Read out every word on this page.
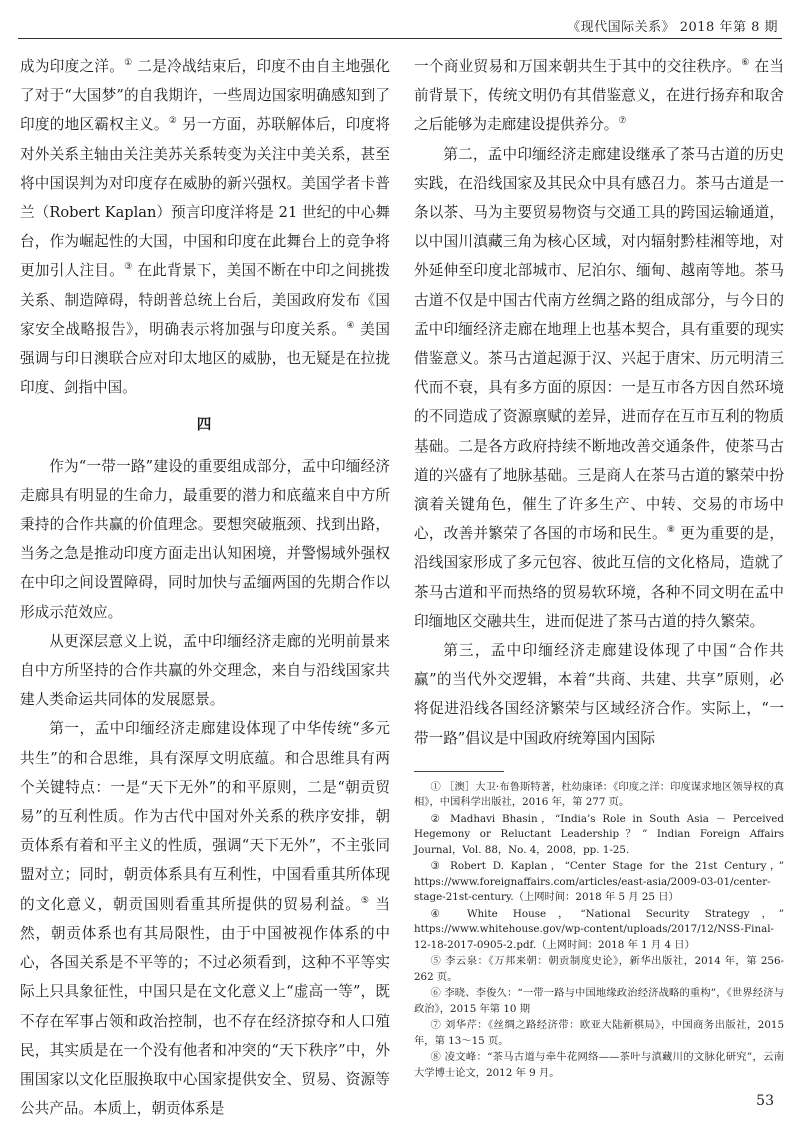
《现代国际关系》 2018 年第 8 期

成为印度之洋。① 二是冷战结束后，印度不由自主地强化了对于“大国梦”的自我期许，一些周边国家明确感知到了印度的地区霸权主义。② 另一方面，苏联解体后，印度将对外关系主轴由关注美苏关系转变为关注中美关系，甚至将中国误判为对印度存在威胁的新兴强权。美国学者卡普兰（Robert Kaplan）预言印度洋将是 21 世纪的中心舞台，作为崛起性的大国，中国和印度在此舞台上的竞争将更加引人注目。③ 在此背景下，美国不断在中印之间挑拨关系、制造障碍，特朗普总统上台后，美国政府发布《国家安全战略报告》，明确表示将加强与印度关系。④ 美国强调与印日澳联合应对印太地区的威胁，也无疑是在拉拢印度、剑指中国。

四

作为“一带一路”建设的重要组成部分，孟中印缅经济走廊具有明显的生命力，最重要的潜力和底蕴来自中方所秉持的合作共赢的价值理念。要想突破瓶颈、找到出路，当务之急是推动印度方面走出认知困境，并警惕域外强权在中印之间设置障碍，同时加快与孟缅两国的先期合作以形成示范效应。

从更深层意义上说，孟中印缅经济走廊的光明前景来自中方所坚持的合作共赢的外交理念，来自与沿线国家共建人类命运共同体的发展愿景。

第一，孟中印缅经济走廊建设体现了中华传统“多元共生”的和合思维，具有深厚文明底蕴。和合思维具有两个关键特点：一是“天下无外”的和平原则，二是“朝贡贸易”的互利性质。作为古代中国对外关系的秩序安排，朝贡体系有着和平主义的性质，强调“天下无外”，不主张同盟对立；同时，朝贡体系具有互利性，中国看重其所体现的文化意义，朝贡国则看重其所提供的贸易利益。⑤ 当然，朝贡体系也有其局限性，由于中国被视作体系的中心，各国关系是不平等的；不过必须看到，这种不平等实际上只具象征性，中国只是在文化意义上“虚高一等”，既不存在军事占领和政治控制，也不存在经济掠夺和人口殖民，其实质是在一个没有他者和冲突的“天下秩序”中，外围国家以文化臣服换取中心国家提供安全、贸易、资源等公共产品。本质上，朝贡体系是

一个商业贸易和万国来朝共生于其中的交往秩序。⑥ 在当前背景下，传统文明仍有其借鉴意义，在进行扬弃和取舍之后能够为走廊建设提供养分。⑦

第二，孟中印缅经济走廊建设继承了茶马古道的历史实践，在沿线国家及其民众中具有感召力。茶马古道是一条以茶、马为主要贸易物资与交通工具的跨国运输通道，以中国川滇藏三角为核心区域，对内辐射黔桂湘等地，对外延伸至印度北部城市、尼泊尔、缅甸、越南等地。茶马古道不仅是中国古代南方丝绸之路的组成部分，与今日的孟中印缅经济走廊在地理上也基本契合，具有重要的现实借鉴意义。茶马古道起源于汉、兴起于唐宋、历元明清三代而不衰，具有多方面的原因：一是互市各方因自然环境的不同造成了资源禀赋的差异，进而存在互市互利的物质基础。二是各方政府持续不断地改善交通条件，使茶马古道的兴盛有了地脉基础。三是商人在茶马古道的繁荣中扮演着关键角色，催生了许多生产、中转、交易的市场中心，改善并繁荣了各国的市场和民生。⑧ 更为重要的是，沿线国家形成了多元包容、彼此互信的文化格局，造就了茶马古道和平而热络的贸易软环境，各种不同文明在孟中印缅地区交融共生，进而促进了茶马古道的持久繁荣。

第三，孟中印缅经济走廊建设体现了中国“合作共赢”的当代外交逻辑，本着“共商、共建、共享”原则，必将促进沿线各国经济繁荣与区域经济合作。实际上，“一带一路”倡议是中国政府统筹国内国际

① ［澳］大卫·布鲁斯特著，杜幼康译：《印度之洋：印度谋求地区领导权的真相》，中国科学出版社，2016 年，第 277 页。

② Madhavi Bhasin，“India’s Role in South Asia － Perceived Hegemony or Reluctant Leadership？” Indian Foreign Affairs Journal，Vol. 88，No. 4，2008，pp. 1-25.

③ Robert D. Kaplan，“Center Stage for the 21st Century，” https://www.foreignaffairs.com/articles/east-asia/2009-03-01/center-stage-21st-century.（上网时间：2018 年 5 月 25 日）

④ White House，“National Security Strategy，” https://www.whitehouse.gov/wp-content/uploads/2017/12/NSS-Final-12-18-2017-0905-2.pdf.（上网时间：2018 年 1 月 4 日）

⑤ 李云泉：《万邦来朝：朝贡制度史论》，新华出版社，2014 年，第 256-262 页。

⑥ 李晓、李俊久：“一带一路与中国地缘政治经济战略的重构”，《世界经济与政治》，2015 年第 10 期

⑦ 刘华芹：《丝绸之路经济带：欧亚大陆新棋局》，中国商务出版社，2015 年，第 13～15 页。

⑧ 凌文峰：“茶马古道与牵牛花网络——茶叶与滇藏川的文脉化研究”，云南大学博士论文，2012 年 9 月。

53
